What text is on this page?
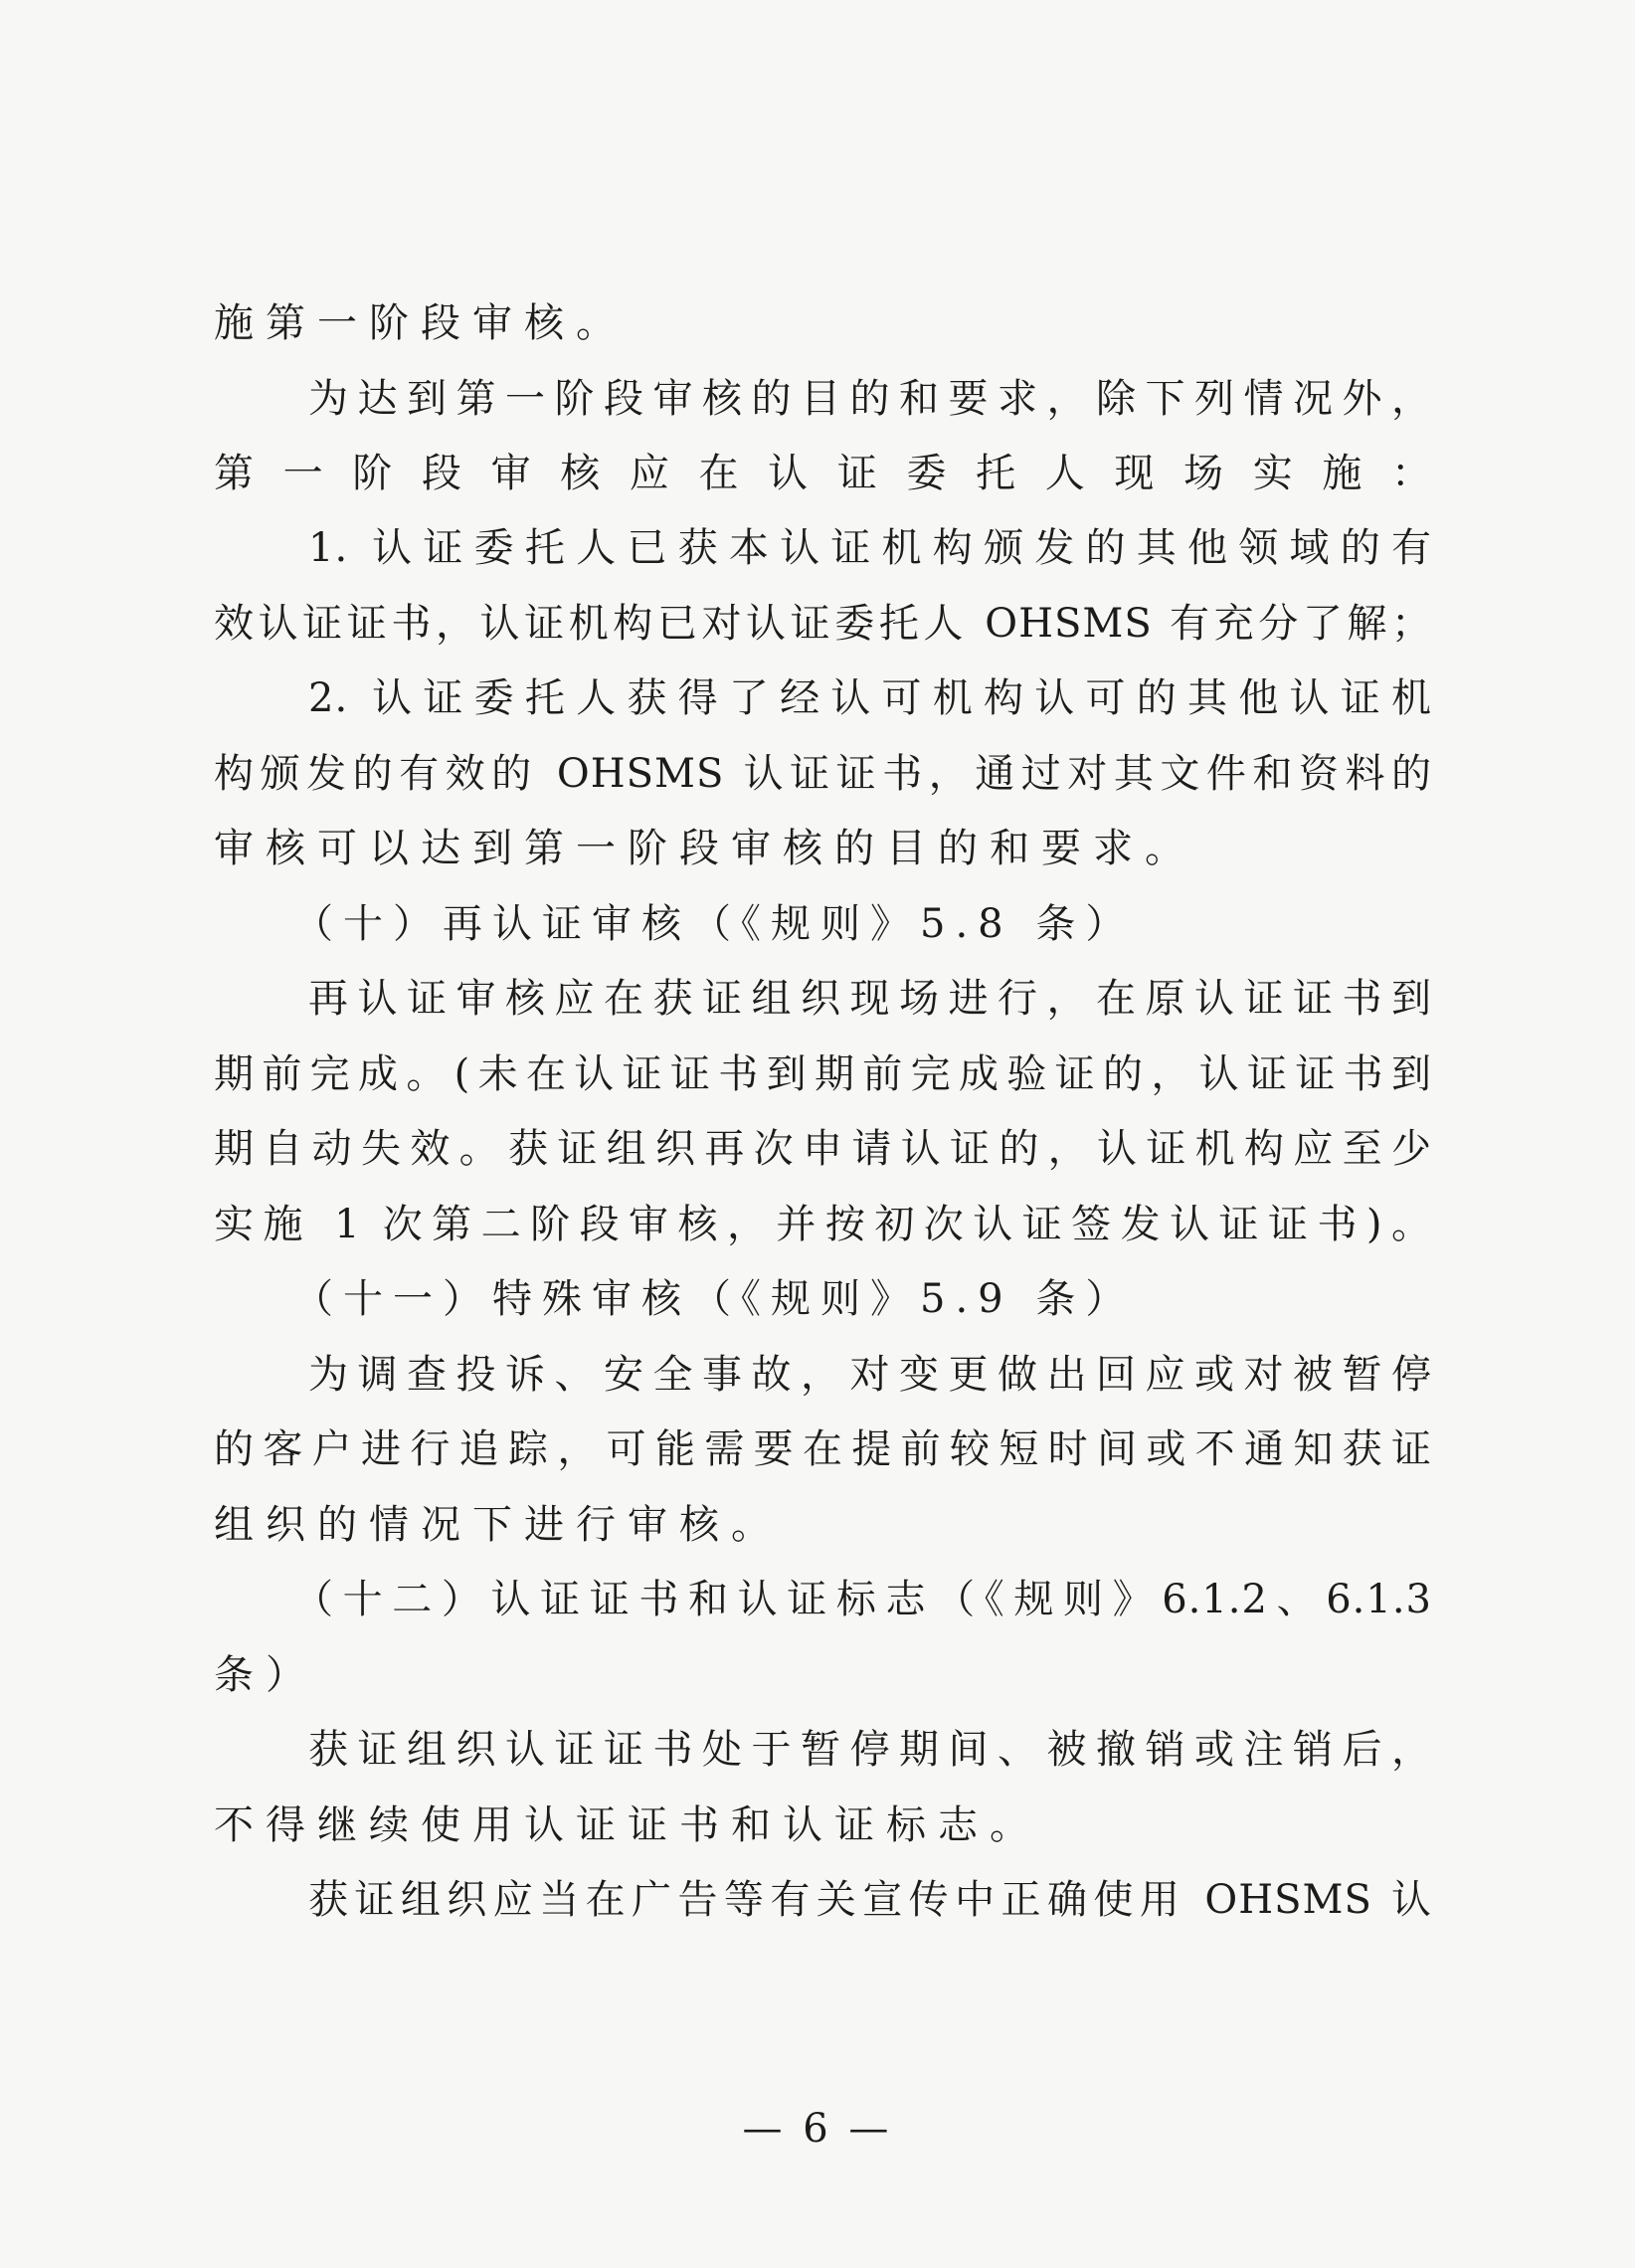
施第一阶段审核。
为达到第一阶段审核的目的和要求，除下列情况外，
第一阶段审核应在认证委托人现场实施：
1. 认证委托人已获本认证机构颁发的其他领域的有
效认证证书，认证机构已对认证委托人 OHSMS 有充分了解；
2. 认证委托人获得了经认可机构认可的其他认证机
构颁发的有效的 OHSMS 认证证书，通过对其文件和资料的
审核可以达到第一阶段审核的目的和要求。
（十）再认证审核（《规则》5.8 条）
再认证审核应在获证组织现场进行，在原认证证书到
期前完成。(未在认证证书到期前完成验证的，认证证书到
期自动失效。获证组织再次申请认证的，认证机构应至少
实施 1 次第二阶段审核，并按初次认证签发认证证书)。
（十一）特殊审核（《规则》5.9 条）
为调查投诉、安全事故，对变更做出回应或对被暂停
的客户进行追踪，可能需要在提前较短时间或不通知获证
组织的情况下进行审核。
（十二）认证证书和认证标志（《规则》6.1.2、6.1.3
条）
获证组织认证证书处于暂停期间、被撤销或注销后，
不得继续使用认证证书和认证标志。
获证组织应当在广告等有关宣传中正确使用 OHSMS 认
— 6 —
